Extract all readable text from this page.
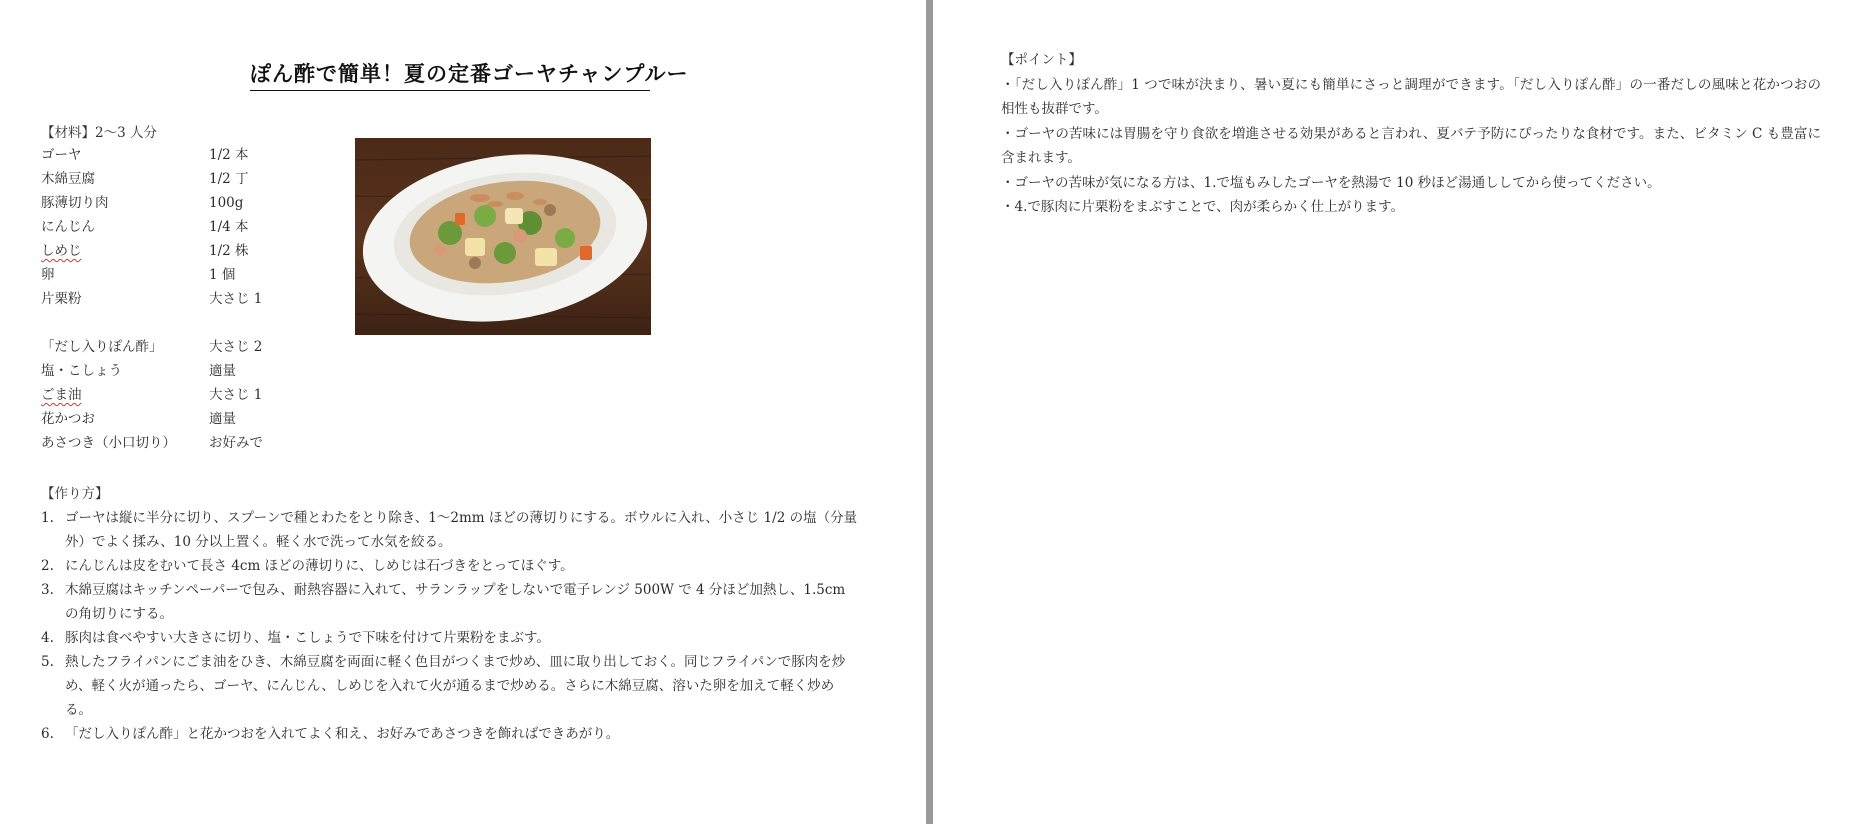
ぽん酢で簡単！夏の定番ゴーヤチャンプルー
【材料】2〜3 人分
ゴーヤ	1/2 本
木綿豆腐	1/2 丁
豚薄切り肉	100g
にんじん	1/4 本
しめじ	1/2 株
卵	1 個
片栗粉	大さじ 1
「だし入りぽん酢」	大さじ 2
塩・こしょう	適量
ごま油	大さじ 1
花かつお	適量
あさつき（小口切り） お好みで
【作り方】
1. ゴーヤは縦に半分に切り、スプーンで種とわたをとり除き、1〜2mm ほどの薄切りにする。ボウルに入れ、小さじ 1/2 の塩（分量外）でよく揉み、10 分以上置く。軽く水で洗って水気を絞る。
2. にんじんは皮をむいて長さ 4cm ほどの薄切りに、しめじは石づきをとってほぐす。
3. 木綿豆腐はキッチンペーパーで包み、耐熱容器に入れて、サランラップをしないで電子レンジ 500W で 4 分ほど加熱し、1.5cm の角切りにする。
4. 豚肉は食べやすい大きさに切り、塩・こしょうで下味を付けて片栗粉をまぶす。
5. 熱したフライパンにごま油をひき、木綿豆腐を両面に軽く色目がつくまで炒め、皿に取り出しておく。同じフライパンで豚肉を炒め、軽く火が通ったら、ゴーヤ、にんじん、しめじを入れて火が通るまで炒める。さらに木綿豆腐、溶いた卵を加えて軽く炒める。
6. 「だし入りぽん酢」と花かつおを入れてよく和え、お好みであさつきを飾ればできあがり。
【ポイント】
・「だし入りぽん酢」1 つで味が決まり、暑い夏にも簡単にさっと調理ができます。「だし入りぽん酢」の一番だしの風味と花かつおの相性も抜群です。
・ゴーヤの苦味には胃腸を守り食欲を増進させる効果があると言われ、夏バテ予防にぴったりな食材です。また、ビタミン C も豊富に含まれます。
・ゴーヤの苦味が気になる方は、1.で塩もみしたゴーヤを熱湯で 10 秒ほど湯通ししてから使ってください。
・4.で豚肉に片栗粉をまぶすことで、肉が柔らかく仕上がります。
